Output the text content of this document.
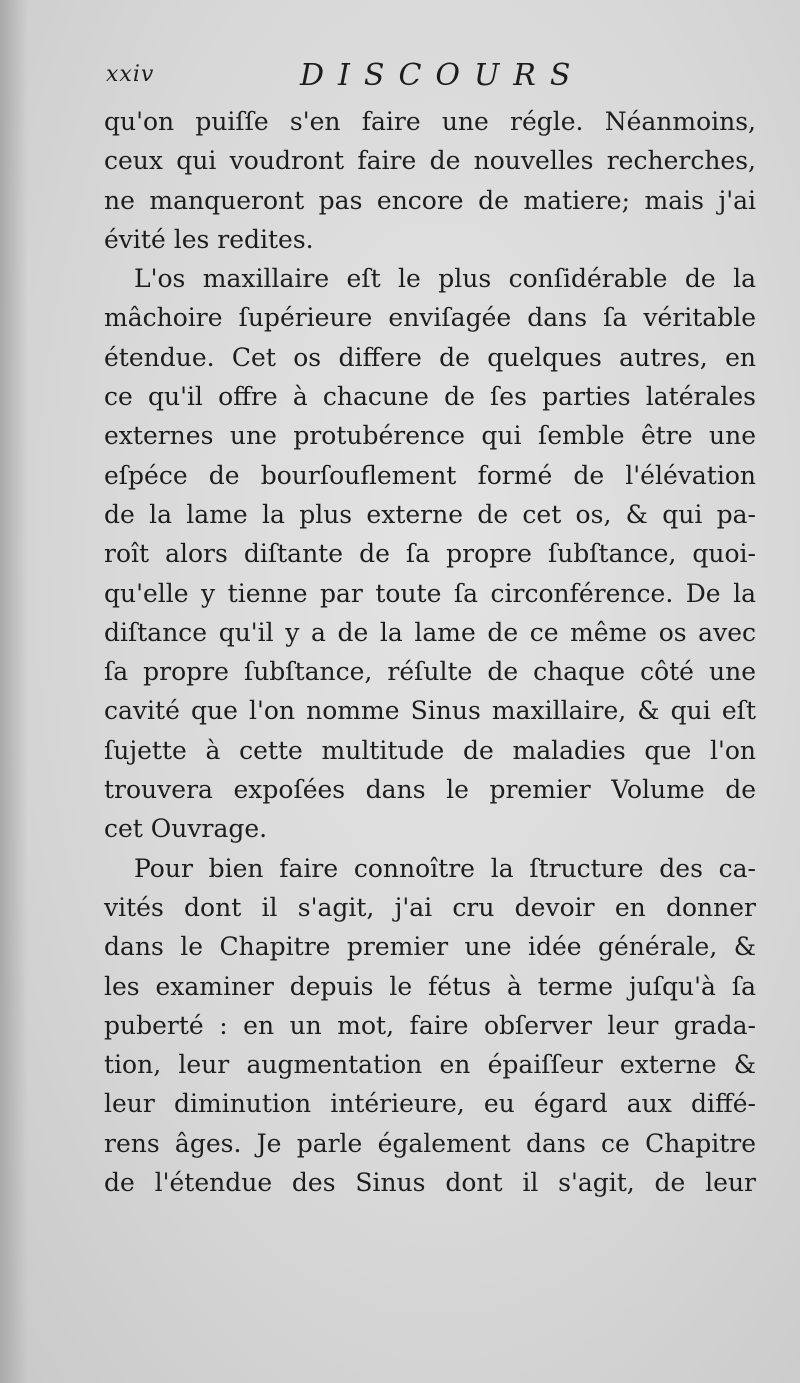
xxiv	DISCOURS
qu'on puiſſe s'en faire une régle. Néanmoins,
ceux qui voudront faire de nouvelles recherches,
ne manqueront pas encore de matiere; mais j'ai
évité les redites.
L'os maxillaire eſt le plus conſidérable de la
mâchoire ſupérieure enviſagée dans ſa véritable
étendue. Cet os differe de quelques autres, en
ce qu'il offre à chacune de ſes parties latérales
externes une protubérence qui ſemble être une
eſpéce de bourſouflement formé de l'élévation
de la lame la plus externe de cet os, & qui pa-
roît alors diſtante de ſa propre ſubſtance, quoi-
qu'elle y tienne par toute ſa circonférence. De la
diſtance qu'il y a de la lame de ce même os avec
ſa propre ſubſtance, réſulte de chaque côté une
cavité que l'on nomme Sinus maxillaire, & qui eſt
ſujette à cette multitude de maladies que l'on
trouvera expoſées dans le premier Volume de
cet Ouvrage.
Pour bien faire connoître la ſtructure des ca-
vités dont il s'agit, j'ai cru devoir en donner
dans le Chapitre premier une idée générale, &
les examiner depuis le fétus à terme juſqu'à ſa
puberté : en un mot, faire obſerver leur grada-
tion, leur augmentation en épaiſſeur externe &
leur diminution intérieure, eu égard aux diffé-
rens âges. Je parle également dans ce Chapitre
de l'étendue des Sinus dont il s'agit, de leur
